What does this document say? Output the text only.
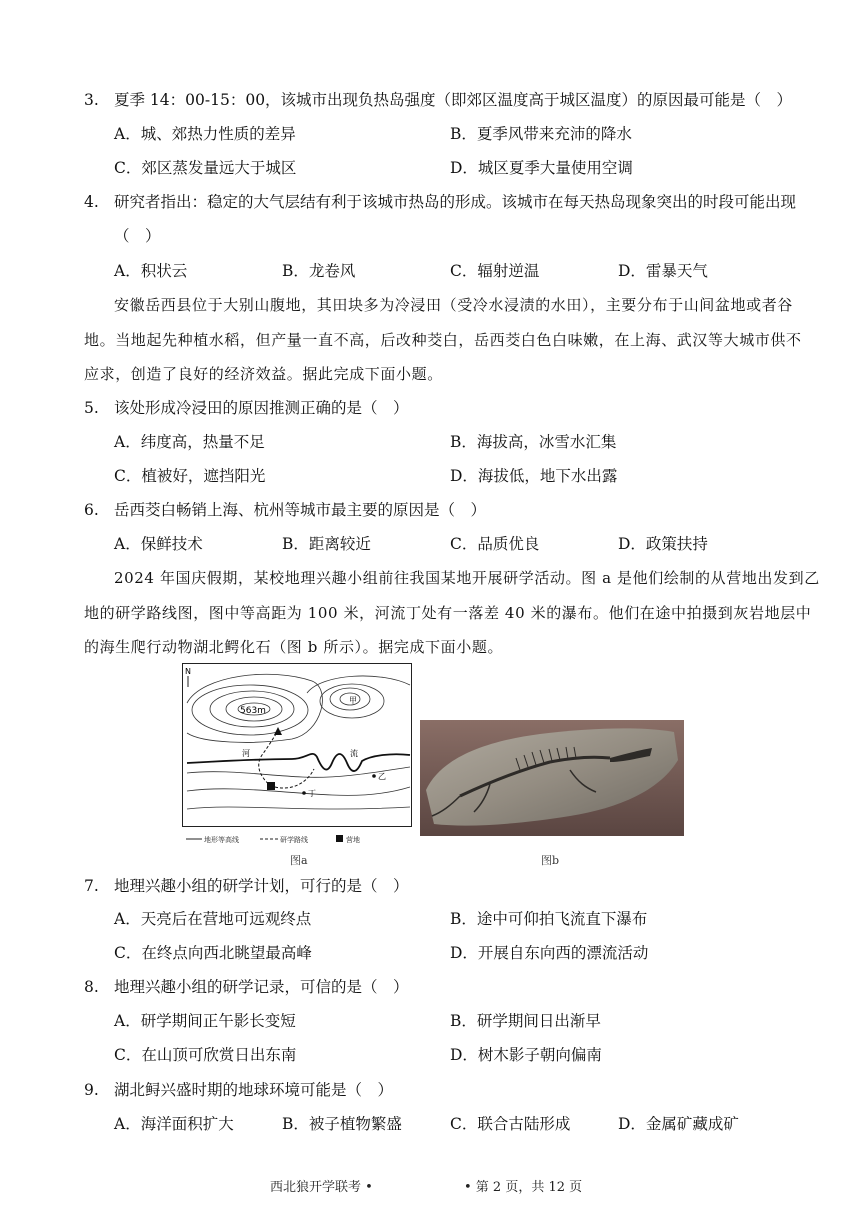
3. 夏季 14：00-15：00，该城市出现负热岛强度（即郊区温度高于城区温度）的原因最可能是（　）
A．城、郊热力性质的差异	B．夏季风带来充沛的降水
C．郊区蒸发量远大于城区	D．城区夏季大量使用空调
4. 研究者指出：稳定的大气层结有利于该城市热岛的形成。该城市在每天热岛现象突出的时段可能出现
（　）
A．积状云	B．龙卷风	C．辐射逆温	D．雷暴天气
安徽岳西县位于大别山腹地，其田块多为冷浸田（受冷水浸渍的水田），主要分布于山间盆地或者谷
地。当地起先种植水稻，但产量一直不高，后改种茭白，岳西茭白色白味嫩，在上海、武汉等大城市供不
应求，创造了良好的经济效益。据此完成下面小题。
5. 该处形成冷浸田的原因推测正确的是（　）
A．纬度高，热量不足	B．海拔高，冰雪水汇集
C．植被好，遮挡阳光	D．海拔低，地下水出露
6. 岳西茭白畅销上海、杭州等城市最主要的原因是（　）
A．保鲜技术	B．距离较近	C．品质优良	D．政策扶持
2024 年国庆假期，某校地理兴趣小组前往我国某地开展研学活动。图 a 是他们绘制的从营地出发到乙
地的研学路线图，图中等高距为 100 米，河流丁处有一落差 40 米的瀑布。他们在途中拍摄到灰岩地层中
的海生爬行动物湖北鳄化石（图 b 所示）。据完成下面小题。
N
563m
甲
河	流
乙
丁
地形等高线	研学路线	营地
图a	图b
7. 地理兴趣小组的研学计划，可行的是（　）
A．天亮后在营地可远观终点	B．途中可仰拍飞流直下瀑布
C．在终点向西北眺望最高峰	D．开展自东向西的漂流活动
8. 地理兴趣小组的研学记录，可信的是（　）
A．研学期间正午影长变短	B．研学期间日出渐早
C．在山顶可欣赏日出东南	D．树木影子朝向偏南
9. 湖北鲟兴盛时期的地球环境可能是（　）
A．海洋面积扩大	B．被子植物繁盛	C．联合古陆形成	D．金属矿藏成矿
西北狼开学联考 •	• 第 2 页，共 12 页
